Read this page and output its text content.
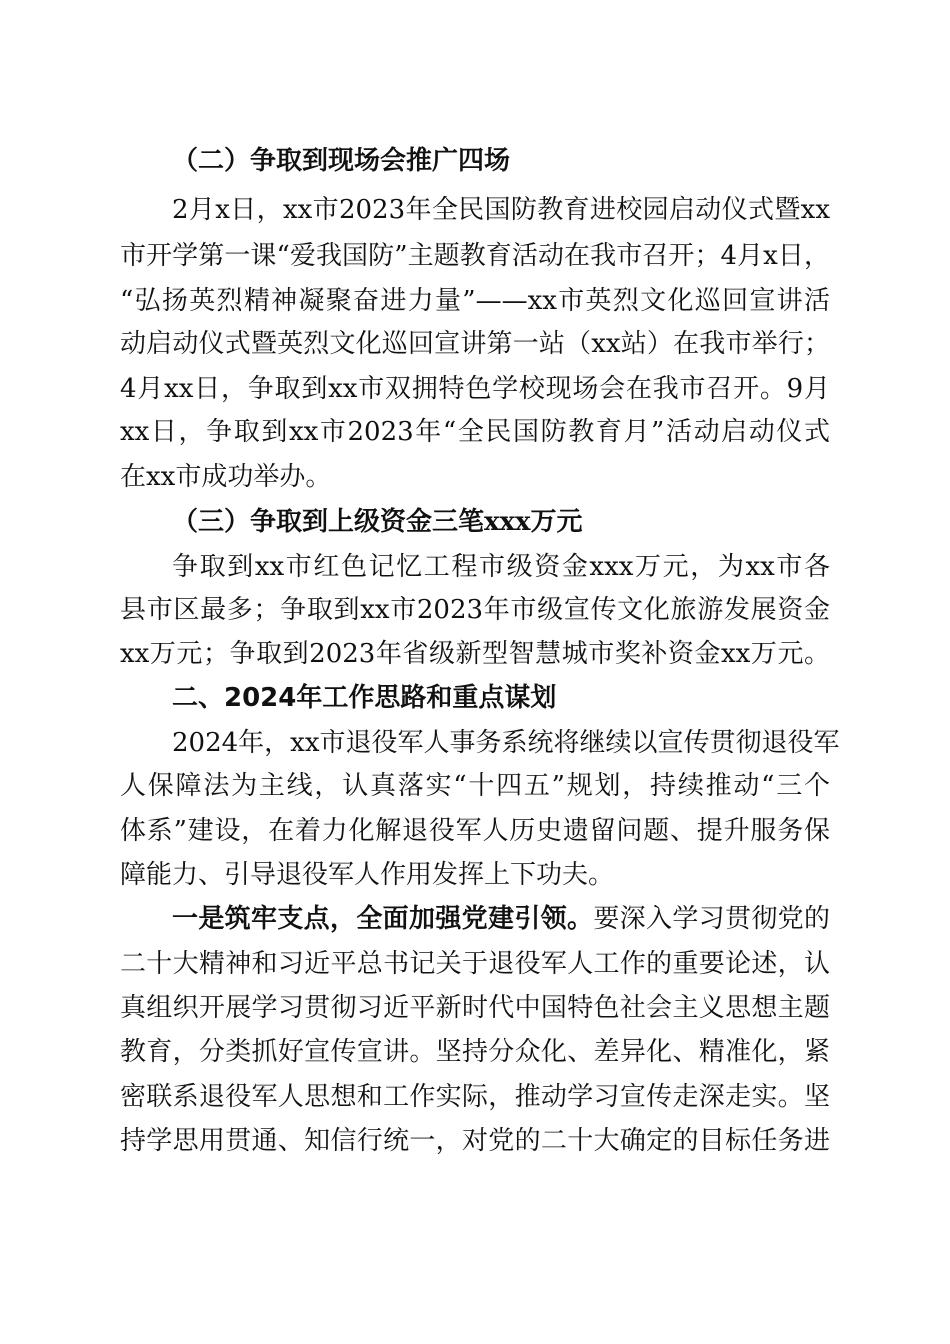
（二）争取到现场会推广四场
2月x日，xx市2023年全民国防教育进校园启动仪式暨xx
市开学第一课“爱我国防”主题教育活动在我市召开；4月x日，
“弘扬英烈精神凝聚奋进力量”——xx市英烈文化巡回宣讲活
动启动仪式暨英烈文化巡回宣讲第一站（xx站）在我市举行；
4月xx日，争取到xx市双拥特色学校现场会在我市召开。9月
xx日，争取到xx市2023年“全民国防教育月”活动启动仪式
在xx市成功举办。
（三）争取到上级资金三笔xxx万元
争取到xx市红色记忆工程市级资金xxx万元，为xx市各
县市区最多；争取到xx市2023年市级宣传文化旅游发展资金
xx万元；争取到2023年省级新型智慧城市奖补资金xx万元。
二、2024年工作思路和重点谋划
2024年，xx市退役军人事务系统将继续以宣传贯彻退役军
人保障法为主线，认真落实“十四五”规划，持续推动“三个
体系”建设，在着力化解退役军人历史遗留问题、提升服务保
障能力、引导退役军人作用发挥上下功夫。
一是筑牢支点，全面加强党建引领。要深入学习贯彻党的
二十大精神和习近平总书记关于退役军人工作的重要论述，认
真组织开展学习贯彻习近平新时代中国特色社会主义思想主题
教育，分类抓好宣传宣讲。坚持分众化、差异化、精准化，紧
密联系退役军人思想和工作实际，推动学习宣传走深走实。坚
持学思用贯通、知信行统一，对党的二十大确定的目标任务进
